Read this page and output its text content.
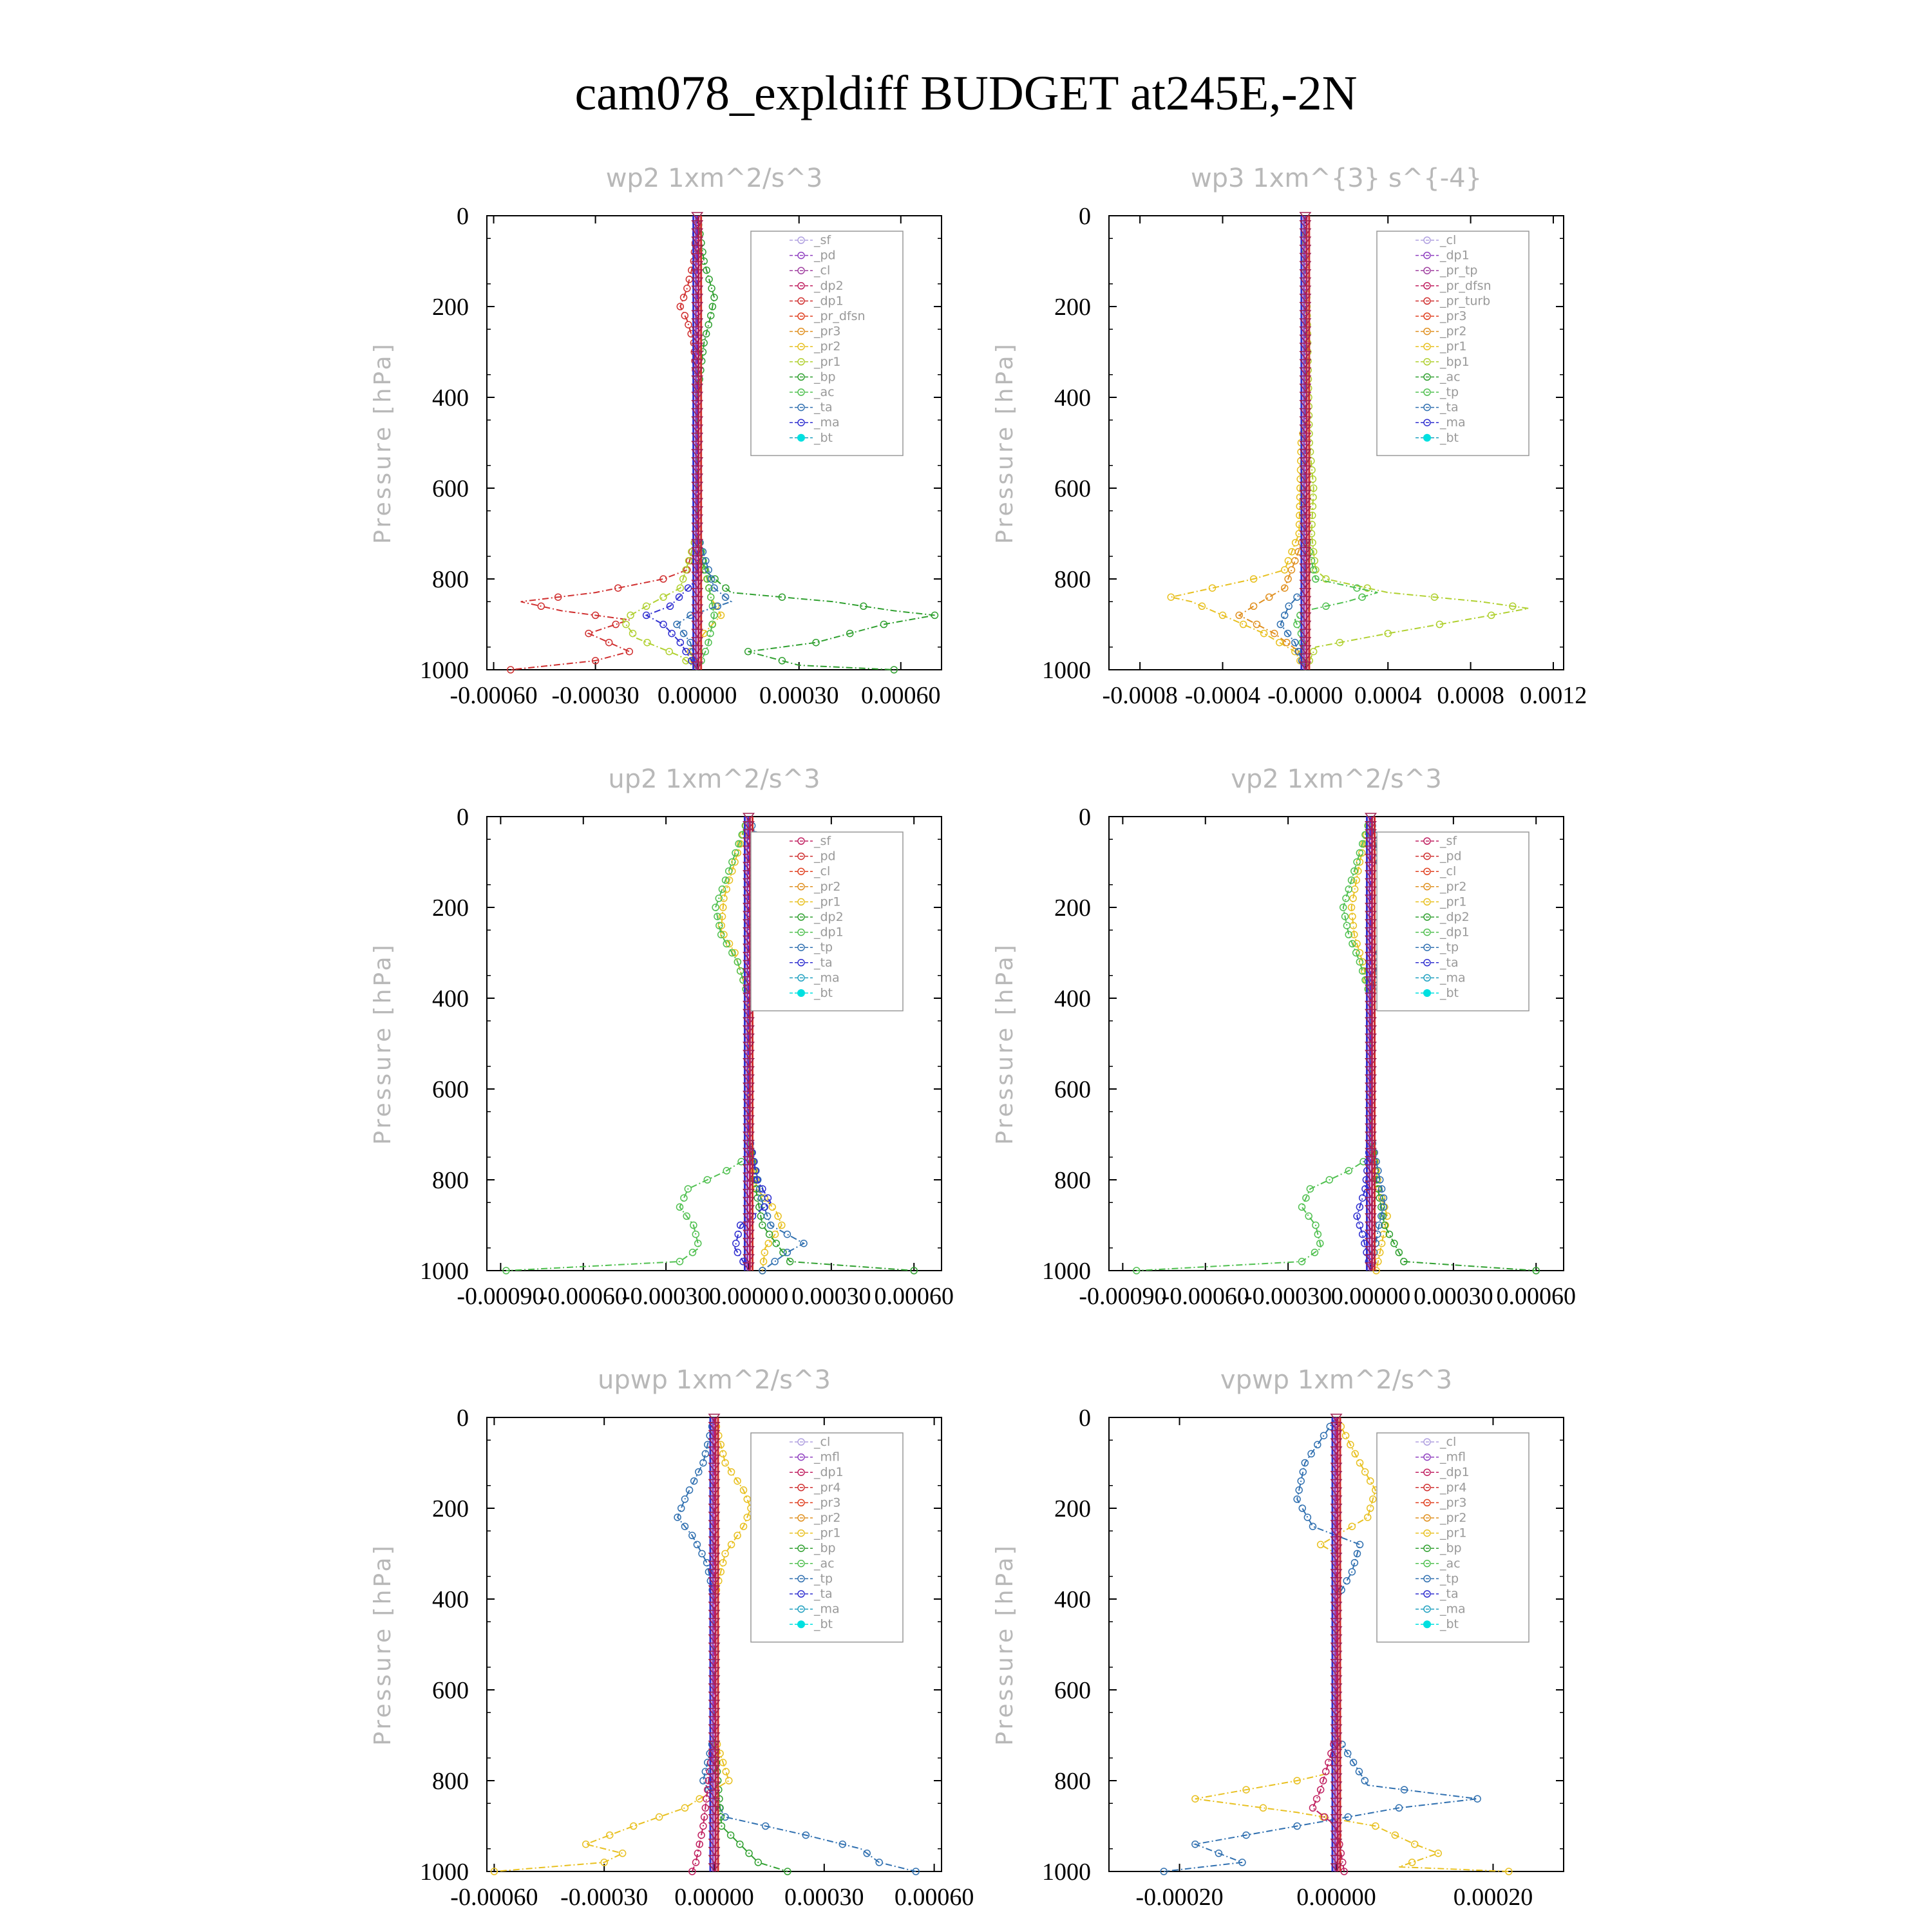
cam078_expldiff BUDGET at245E,-2N
wp2 1xm^2/s^3
Pressure [hPa]
0
200
400
600
800
1000
-0.00060 -0.00030 0.00000 0.00030 0.00060
_sf
_pd
_cl
_dp2
_dp1
_pr_dfsn
_pr3
_pr2
_pr1
_bp
_ac
_ta
_ma
_bt
wp3 1xm^{3} s^{-4}
Pressure [hPa]
0
200
400
600
800
1000
-0.0008 -0.0004 -0.0000 0.0004 0.0008 0.0012
_cl
_dp1
_pr_tp
_pr_dfsn
_pr_turb
_pr3
_pr2
_pr1
_bp1
_ac
_tp
_ta
_ma
_bt
up2 1xm^2/s^3
Pressure [hPa]
0
200
400
600
800
1000
-0.00090
-0.00060
-0.00030
0.00000 0.00030 0.00060
_sf
_pd
_cl
_pr2
_pr1
_dp2
_dp1
_tp
_ta
_ma
_bt
vp2 1xm^2/s^3
Pressure [hPa]
0
200
400
600
800
1000
-0.00090
-0.00060
-0.00030
0.00000 0.00030 0.00060
_sf
_pd
_cl
_pr2
_pr1
_dp2
_dp1
_tp
_ta
_ma
_bt
upwp 1xm^2/s^3
Pressure [hPa]
0
200
400
600
800
1000
-0.00060 -0.00030 0.00000 0.00030 0.00060
_cl
_mfl
_dp1
_pr4
_pr3
_pr2
_pr1
_bp
_ac
_tp
_ta
_ma
_bt
vpwp 1xm^2/s^3
Pressure [hPa]
0
200
400
600
800
1000
-0.00020	0.00000	0.00020
_cl
_mfl
_dp1
_pr4
_pr3
_pr2
_pr1
_bp
_ac
_tp
_ta
_ma
_bt
